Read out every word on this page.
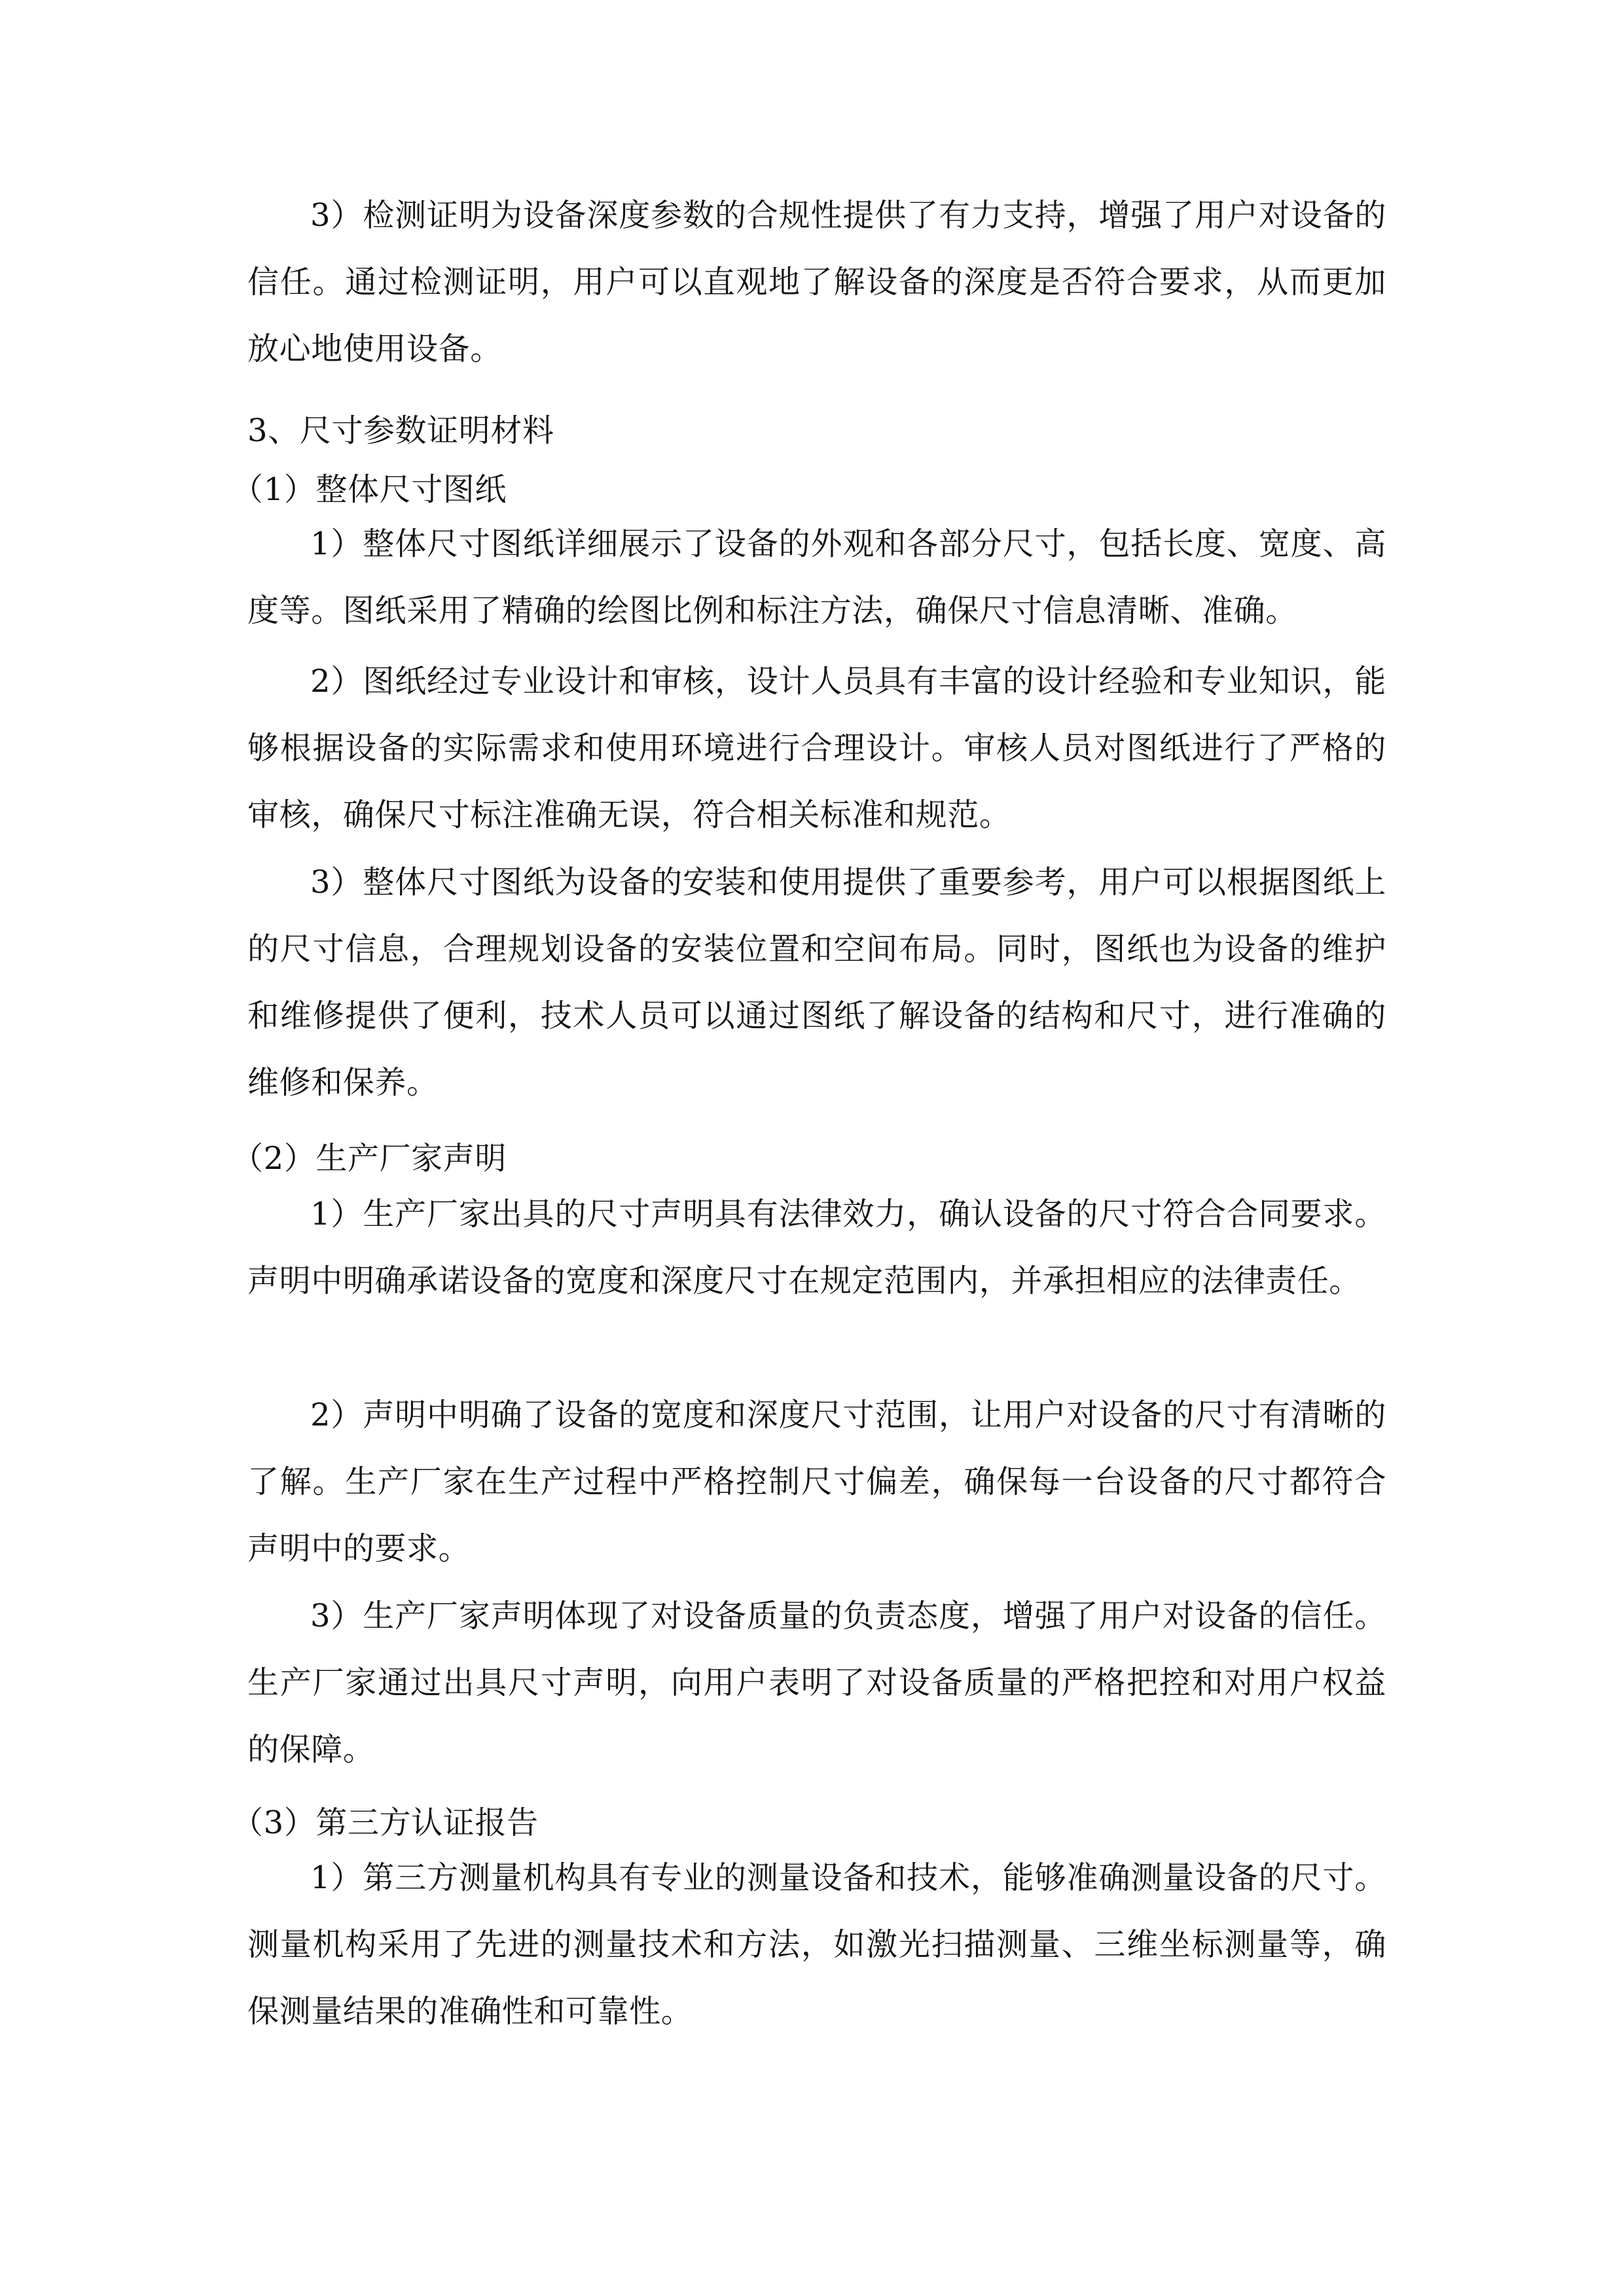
3）检测证明为设备深度参数的合规性提供了有力支持，增强了用户对设备的信任。通过检测证明，用户可以直观地了解设备的深度是否符合要求，从而更加放心地使用设备。

3、尺寸参数证明材料
（1）整体尺寸图纸

1）整体尺寸图纸详细展示了设备的外观和各部分尺寸，包括长度、宽度、高度等。图纸采用了精确的绘图比例和标注方法，确保尺寸信息清晰、准确。

2）图纸经过专业设计和审核，设计人员具有丰富的设计经验和专业知识，能够根据设备的实际需求和使用环境进行合理设计。审核人员对图纸进行了严格的审核，确保尺寸标注准确无误，符合相关标准和规范。

3）整体尺寸图纸为设备的安装和使用提供了重要参考，用户可以根据图纸上的尺寸信息，合理规划设备的安装位置和空间布局。同时，图纸也为设备的维护和维修提供了便利，技术人员可以通过图纸了解设备的结构和尺寸，进行准确的维修和保养。

（2）生产厂家声明

1）生产厂家出具的尺寸声明具有法律效力，确认设备的尺寸符合合同要求。声明中明确承诺设备的宽度和深度尺寸在规定范围内，并承担相应的法律责任。

2）声明中明确了设备的宽度和深度尺寸范围，让用户对设备的尺寸有清晰的了解。生产厂家在生产过程中严格控制尺寸偏差，确保每一台设备的尺寸都符合声明中的要求。

3）生产厂家声明体现了对设备质量的负责态度，增强了用户对设备的信任。生产厂家通过出具尺寸声明，向用户表明了对设备质量的严格把控和对用户权益的保障。

（3）第三方认证报告

1）第三方测量机构具有专业的测量设备和技术，能够准确测量设备的尺寸。测量机构采用了先进的测量技术和方法，如激光扫描测量、三维坐标测量等，确保测量结果的准确性和可靠性。
